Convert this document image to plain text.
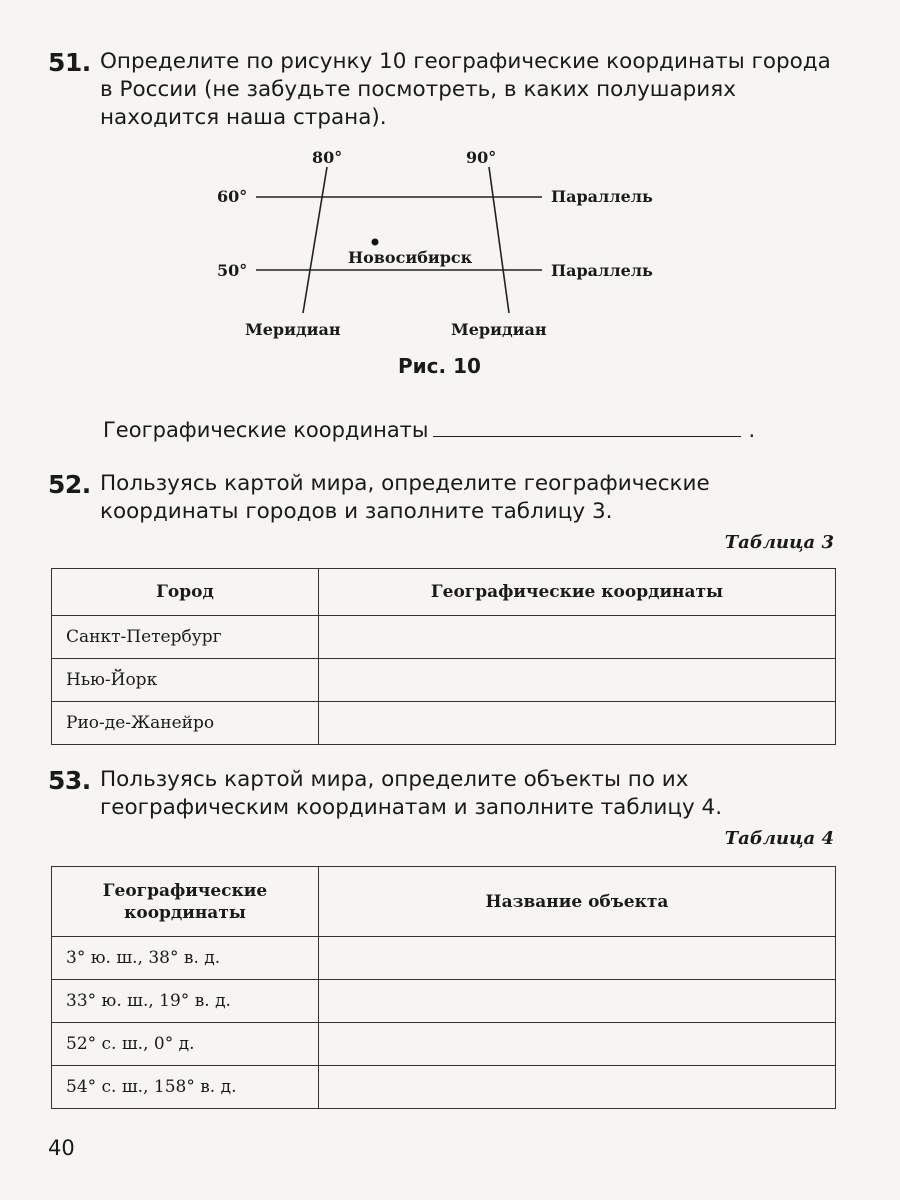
51. Определите по рисунку 10 географические координаты города в России (не забудьте посмотреть, в каких полушариях находится наша страна).
80°	90°
60°
50°
Параллель
Параллель
Новосибирск
Меридиан	Меридиан
Рис. 10
Географические координаты	.
52. Пользуясь картой мира, определите географические координаты городов и заполните таблицу 3.
Таблица 3
Город	Географические координаты
Санкт-Петербург	
Нью-Йорк	
Рио-де-Жанейро	
53. Пользуясь картой мира, определите объекты по их географическим координатам и заполните таблицу 4.
Таблица 4
Географические
координаты	Название объекта
3° ю. ш., 38° в. д.	
33° ю. ш., 19° в. д.	
52° с. ш., 0° д.	
54° с. ш., 158° в. д.	
40
